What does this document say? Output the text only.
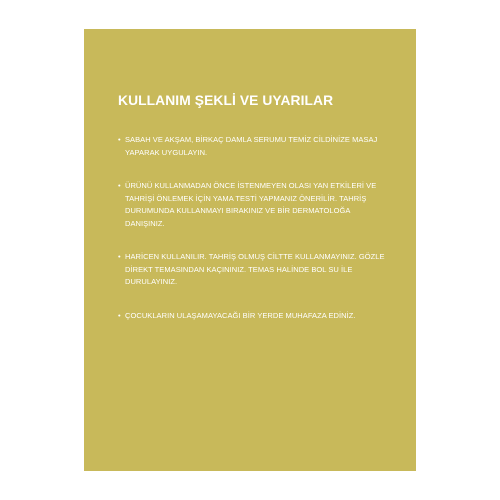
KULLANIM ŞEKLİ VE UYARILAR
• SABAH VE AKŞAM, BİRKAÇ DAMLA SERUMU TEMİZ CİLDİNİZE MASAJ YAPARAK UYGULAYIN.
• ÜRÜNÜ KULLANMADAN ÖNCE İSTENMEYEN OLASI YAN ETKİLERİ VE TAHRİŞİ ÖNLEMEK İÇİN YAMA TESTİ YAPMANIZ ÖNERİLİR. TAHRİŞ DURUMUNDA KULLANMAYI BIRAKINIZ VE BİR DERMATOLOĞA DANIŞINIZ.
• HARİCEN KULLANILIR. TAHRİŞ OLMUŞ CİLTTE KULLANMAYINIZ. GÖZLE DİREKT TEMASINDAN KAÇININIZ. TEMAS HALİNDE BOL SU İLE DURULAYINIZ.
• ÇOCUKLARIN ULAŞAMAYACAĞI BİR YERDE MUHAFAZA EDİNİZ.
